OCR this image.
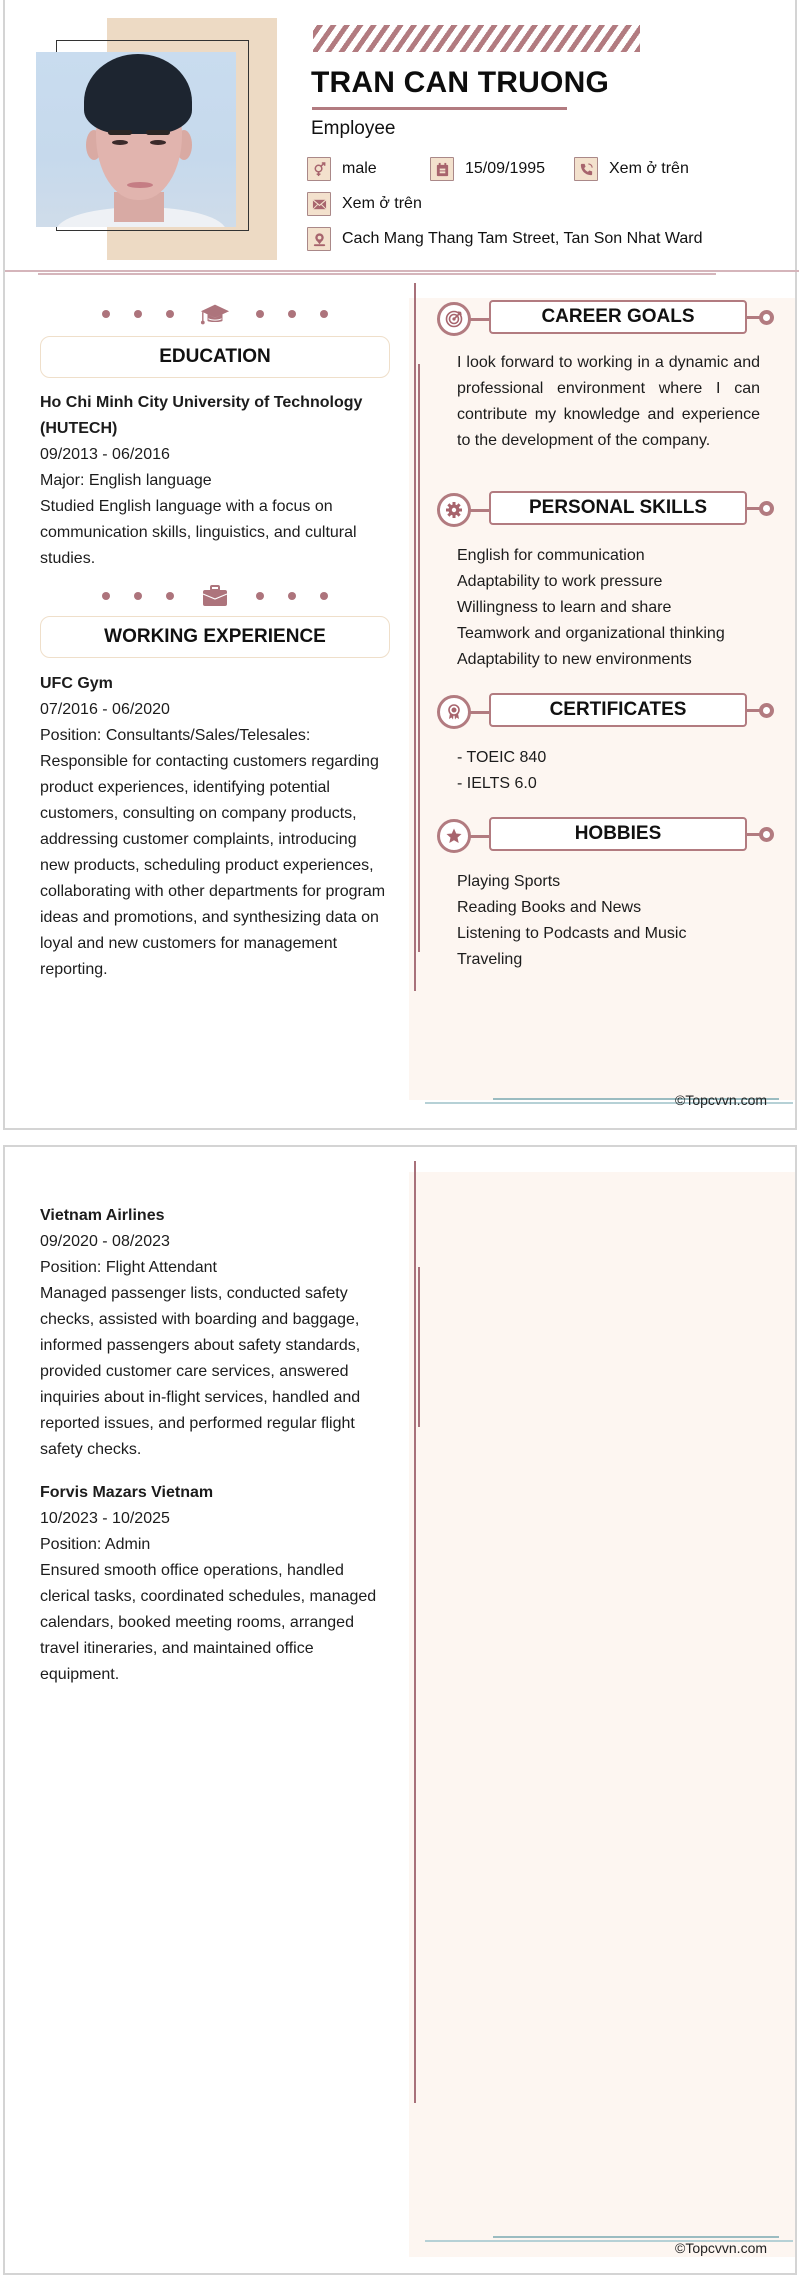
TRAN CAN TRUONG
Employee
male	15/09/1995	Xem ở trên
Xem ở trên
Cach Mang Thang Tam Street, Tan Son Nhat Ward
EDUCATION
Ho Chi Minh City University of Technology (HUTECH)
09/2013 - 06/2016
Major: English language
Studied English language with a focus on communication skills, linguistics, and cultural studies.
WORKING EXPERIENCE
UFC Gym
07/2016 - 06/2020
Position: Consultants/Sales/Telesales: Responsible for contacting customers regarding product experiences, identifying potential customers, consulting on company products, addressing customer complaints, introducing new products, scheduling product experiences, collaborating with other departments for program ideas and promotions, and synthesizing data on loyal and new customers for management reporting.
CAREER GOALS
I look forward to working in a dynamic and professional environment where I can contribute my knowledge and experience to the development of the company.
PERSONAL SKILLS
English for communication
Adaptability to work pressure
Willingness to learn and share
Teamwork and organizational thinking
Adaptability to new environments
CERTIFICATES
- TOEIC 840
- IELTS 6.0
HOBBIES
Playing Sports
Reading Books and News
Listening to Podcasts and Music
Traveling
©Topcvvn.com
Vietnam Airlines
09/2020 - 08/2023
Position: Flight Attendant
Managed passenger lists, conducted safety checks, assisted with boarding and baggage, informed passengers about safety standards, provided customer care services, answered inquiries about in-flight services, handled and reported issues, and performed regular flight safety checks.
Forvis Mazars Vietnam
10/2023 - 10/2025
Position: Admin
Ensured smooth office operations, handled clerical tasks, coordinated schedules, managed calendars, booked meeting rooms, arranged travel itineraries, and maintained office equipment.
©Topcvvn.com
